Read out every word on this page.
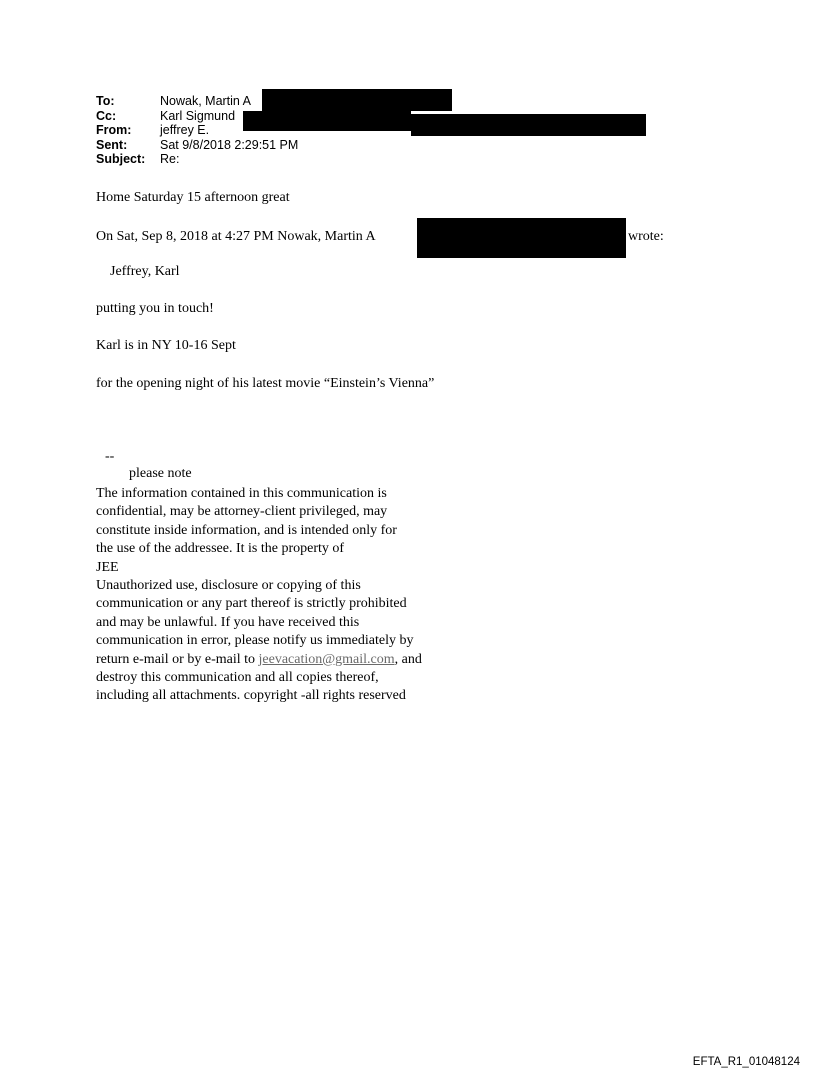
To:	Nowak, Martin A
Cc:	Karl Sigmund
From:	jeffrey E.
Sent:	Sat 9/8/2018 2:29:51 PM
Subject:	Re:
Home Saturday 15 afternoon great
On Sat, Sep 8, 2018 at 4:27 PM Nowak, Martin A	wrote:
Jeffrey, Karl
putting you in touch!
Karl is in NY 10-16 Sept
for the opening night of his latest movie “Einstein’s Vienna”
--
please note
The information contained in this communication is
confidential, may be attorney-client privileged, may
constitute inside information, and is intended only for
the use of the addressee. It is the property of
JEE
Unauthorized use, disclosure or copying of this
communication or any part thereof is strictly prohibited
and may be unlawful. If you have received this
communication in error, please notify us immediately by
return e-mail or by e-mail to jeevacation@gmail.com, and
destroy this communication and all copies thereof,
including all attachments. copyright -all rights reserved
EFTA_R1_01048124
